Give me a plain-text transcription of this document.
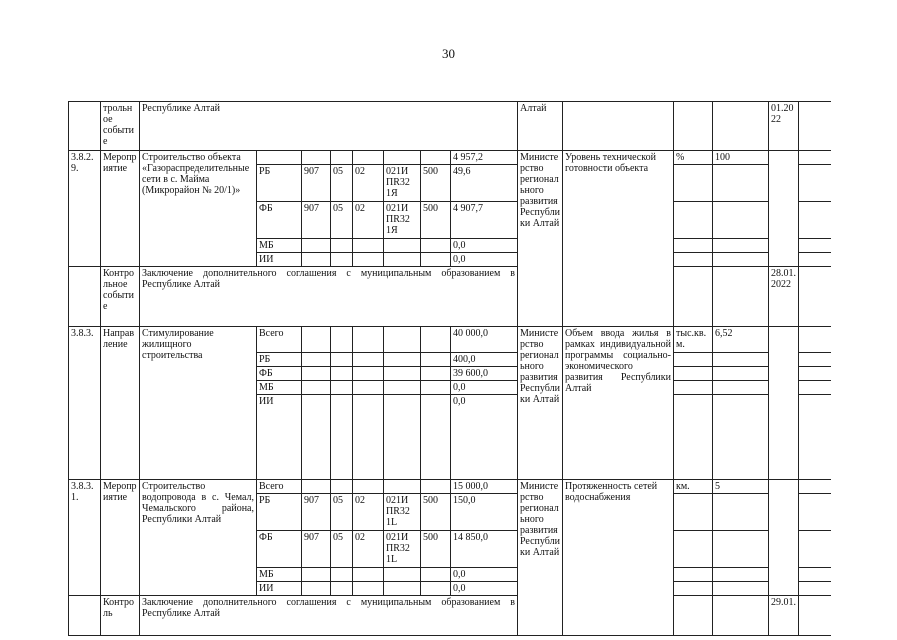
30
	трольное событие	Республике Алтай								Алтай				01.2022	
3.8.2.9.	Мероприятие	Строительство объекта «Газораспределительные сети в с. Майма (Микрорайон № 20/1)»							4 957,2	Министерство регионального развития Республики Алтай	Уровень технической готовности объекта	%	100		
			РБ	907	05	02	021И ПR32 1Я	500	49,6						
			ФБ	907	05	02	021И ПR32 1Я	500	4 907,7						
			МБ						0,0						
			ИИ						0,0						
	Контрольное событие	Заключение дополнительного соглашения с муниципальным образованием в Республике Алтай												28.01.2022	
3.8.3.	Направление	Стимулирование жилищного строительства	Всего						40 000,0	Министерство регионального развития Республики Алтай	Объем ввода жилья в рамках индивидуальной программы социально-экономического развития Республики Алтай	тыс.кв.м.	6,52		
			РБ						400,0						
			ФБ						39 600,0						
			МБ						0,0						
			ИИ						0,0						
3.8.3.1.	Мероприятие	Строительство водопровода в с. Чемал, Чемальского района, Республики Алтай	Всего						15 000,0	Министерство регионального развития Республики Алтай	Протяженность сетей водоснабжения	км.	5		
			РБ	907	05	02	021И ПR32 1L	500	150,0						
			ФБ	907	05	02	021И ПR32 1L	500	14 850,0						
			МБ						0,0						
			ИИ						0,0						
	Контроль	Заключение дополнительного соглашения с муниципальным образованием в Республике Алтай												29.01.	
